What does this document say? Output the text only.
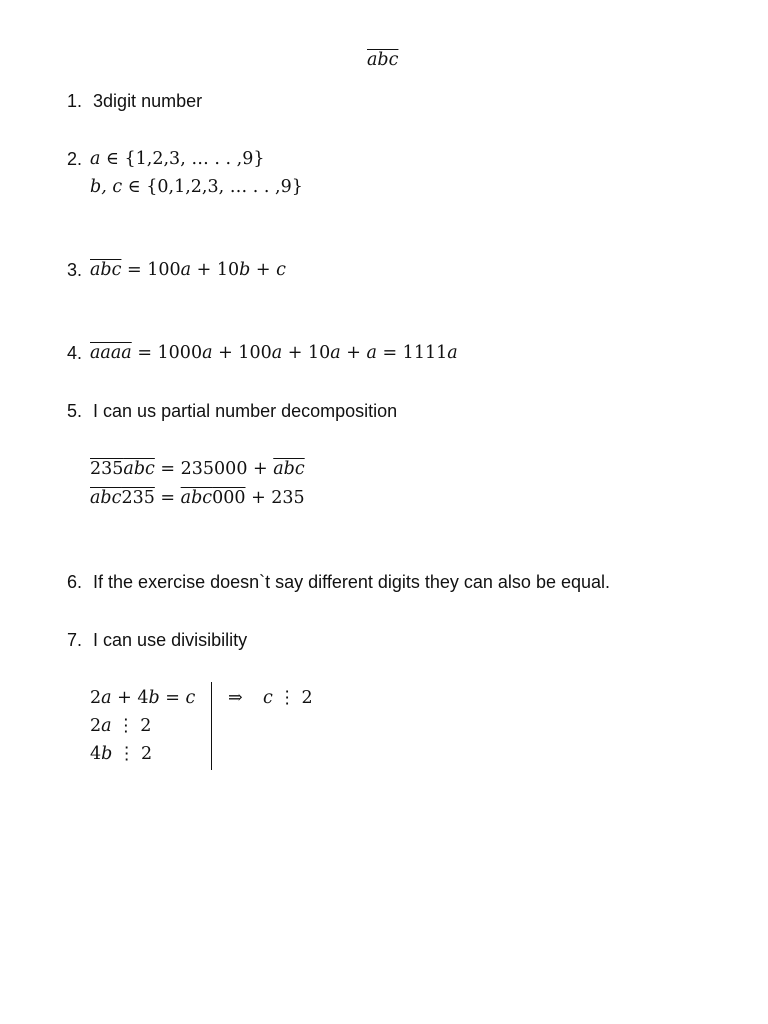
$\overline{abc}$
1. 3digit number
2. a ∈ {1,2,3, … . . ,9}
b, c ∈ {0,1,2,3, … . . ,9}
3. $\overline{abc} = 100a + 10b + c$
4. aaaa = 1000a + 100a + 10a + a = 1111a
5. I can us partial number decomposition
$235abc = 235000 + \overline{abc}$
abc235 = abc000 + 235
6. If the exercise doesn`t say different digits they can also be equal.
7. I can use divisibility
2a + 4b = c
2a ⋮ 2
4b ⋮ 2
⇒ c ⋮ 2
